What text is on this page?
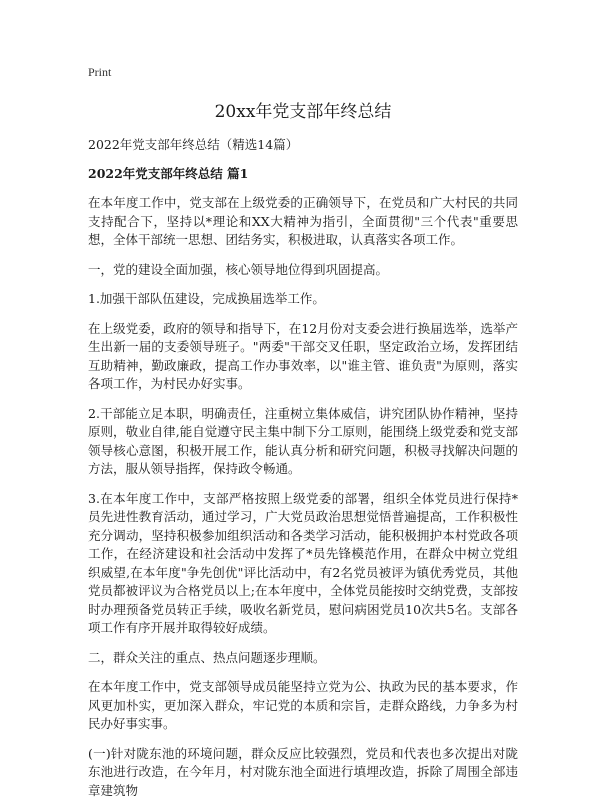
Print

20xx年党支部年终总结

2022年党支部年终总结（精选14篇）

2022年党支部年终总结 篇1

在本年度工作中，党支部在上级党委的正确领导下，在党员和广大村民的共同支持配合下，坚持以*理论和XX大精神为指引，全面贯彻"三个代表"重要思想，全体干部统一思想、团结务实，积极进取，认真落实各项工作。

一，党的建设全面加强，核心领导地位得到巩固提高。

1.加强干部队伍建设，完成换届选举工作。

在上级党委，政府的领导和指导下，在12月份对支委会进行换届选举，选举产生出新一届的支委领导班子。"两委"干部交叉任职，坚定政治立场，发挥团结互助精神，勤政廉政，提高工作办事效率，以"谁主管、谁负责"为原则，落实各项工作，为村民办好实事。

2.干部能立足本职，明确责任，注重树立集体威信，讲究团队协作精神，坚持原则，敬业自律,能自觉遵守民主集中制下分工原则，能围绕上级党委和党支部领导核心意图，积极开展工作，能认真分析和研究问题，积极寻找解决问题的方法，服从领导指挥，保持政令畅通。

3.在本年度工作中，支部严格按照上级党委的部署，组织全体党员进行保持*员先进性教育活动，通过学习，广大党员政治思想觉悟普遍提高，工作积极性充分调动，坚持积极参加组织活动和各类学习活动，能积极拥护本村党政各项工作，在经济建设和社会活动中发挥了*员先锋模范作用，在群众中树立党组织威望,在本年度"争先创优"评比活动中，有2名党员被评为镇优秀党员，其他党员都被评议为合格党员以上;在本年度中，全体党员能按时交纳党费，支部按时办理预备党员转正手续，吸收名新党员，慰问病困党员10次共5名。支部各项工作有序开展并取得较好成绩。

二，群众关注的重点、热点问题逐步理顺。

在本年度工作中，党支部领导成员能坚持立党为公、执政为民的基本要求，作风更加朴实，更加深入群众，牢记党的本质和宗旨，走群众路线，力争多为村民办好事实事。

(一)针对陇东池的环境问题，群众反应比较强烈，党员和代表也多次提出对陇东池进行改造，在今年月，村对陇东池全面进行填埋改造，拆除了周围全部违章建筑物
